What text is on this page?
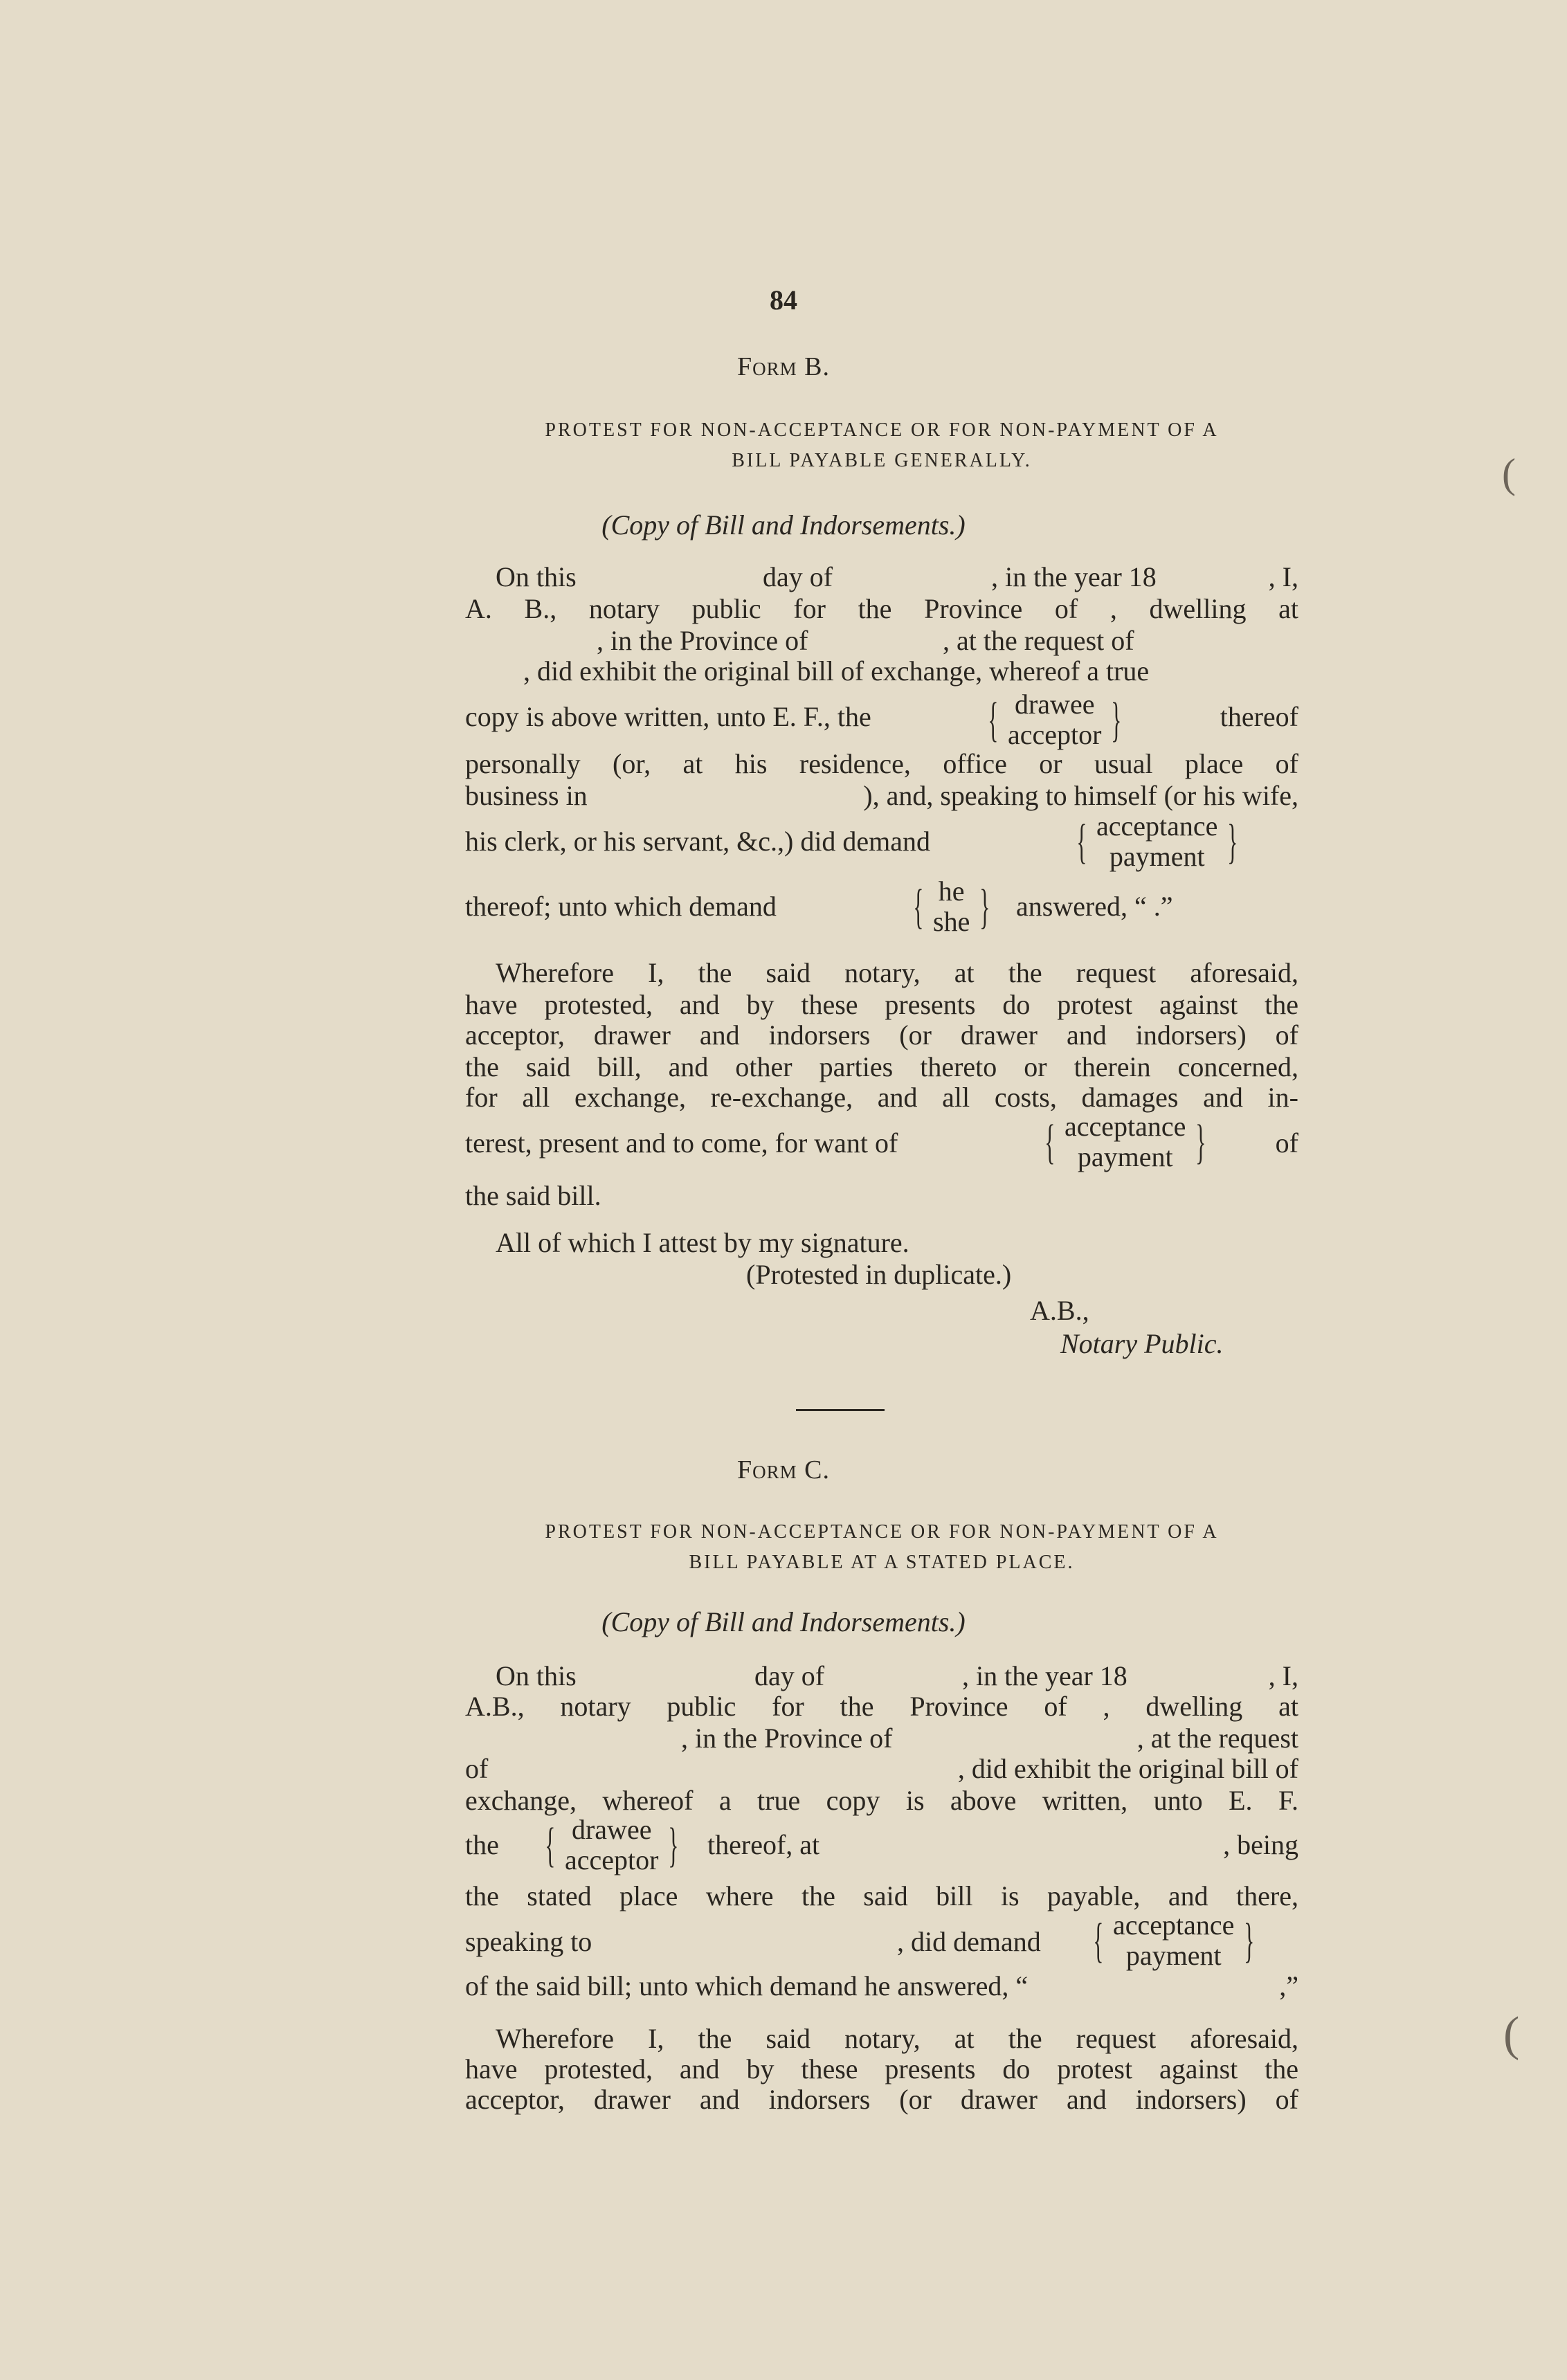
84
Form B.
PROTEST FOR NON-ACCEPTANCE OR FOR NON-PAYMENT OF A
BILL PAYABLE GENERALLY.
(Copy of Bill and Indorsements.)
On this	day of	, in the year 18	, I,
A. B., notary public for the Province of , dwelling at
, in the Province of	, at the request of
, did exhibit the original bill of exchange, whereof a true
copy is above written, unto E. F., the { drawee
acceptor }	thereof
personally (or, at his residence, office or usual place of
business in	), and, speaking to himself (or his wife,
his clerk, or his servant, &c.,) did demand	{ acceptance
payment }
thereof; unto which demand	{ he
she } answered, “ .”
Wherefore I, the said notary, at the request aforesaid,
have protested, and by these presents do protest against the
acceptor, drawer and indorsers (or drawer and indorsers) of
the said bill, and other parties thereto or therein concerned,
for all exchange, re-exchange, and all costs, damages and in-
terest, present and to come, for want of	{ acceptance
payment }	of
the said bill.
All of which I attest by my signature.
(Protested in duplicate.)
A.B.,
Notary Public.
Form C.
PROTEST FOR NON-ACCEPTANCE OR FOR NON-PAYMENT OF A
BILL PAYABLE AT A STATED PLACE.
(Copy of Bill and Indorsements.)
On this	day of	, in the year 18	, I,
A.B., notary public for the Province of , dwelling at
, in the Province of	, at the request
of	, did exhibit the original bill of
exchange, whereof a true copy is above written, unto E. F.
the { drawee
acceptor } thereof, at	, being
the stated place where the said bill is payable, and there,
speaking to	, did demand { acceptance
payment }
of the said bill; unto which demand he answered, “	,”
Wherefore I, the said notary, at the request aforesaid,
have protested, and by these presents do protest against the
acceptor, drawer and indorsers (or drawer and indorsers) of
(
(
